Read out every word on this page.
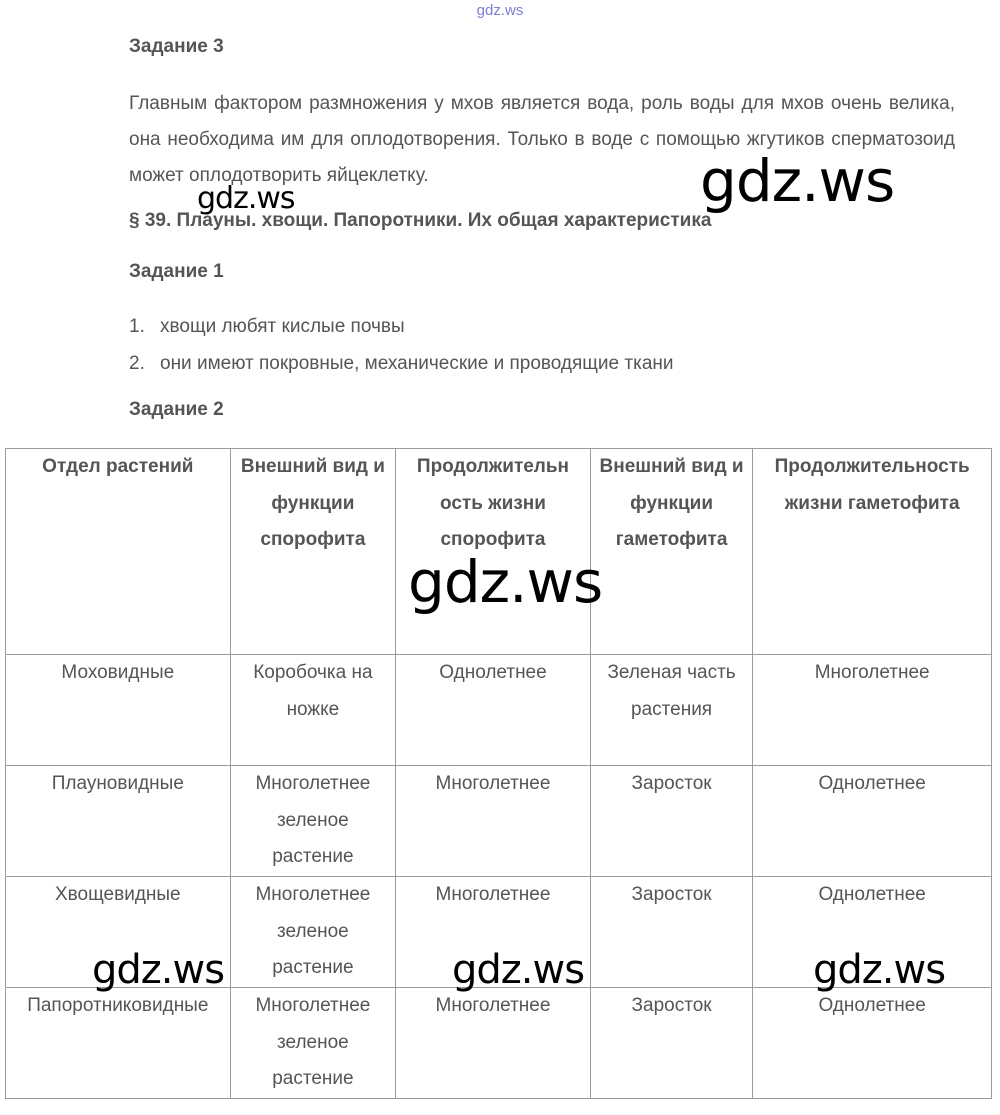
gdz.ws
Задание 3

Главным фактором размножения у мхов является вода, роль воды для мхов очень велика, она необходима им для оплодотворения. Только в воде с помощью жгутиков сперматозоид может оплодотворить яйцеклетку.

§ 39. Плауны. хвощи. Папоротники. Их общая характеристика
Задание 1
1. хвощи любят кислые почвы
2. они имеют покровные, механические и проводящие ткани
Задание 2
Отдел растений	Внешний вид и функции спорофита	Продолжительн ость жизни спорофита	Внешний вид и функции гаметофита	Продолжительность жизни гаметофита
Моховидные	Коробочка на ножке	Однолетнее	Зеленая часть растения	Многолетнее
Плауновидные	Многолетнее зеленое растение	Многолетнее	Заросток	Однолетнее
Хвощевидные	Многолетнее зеленое растение	Многолетнее	Заросток	Однолетнее
Папоротниковидные	Многолетнее зеленое растение	Многолетнее	Заросток	Однолетнее
gdz.ws
gdz.ws
gdz.ws
gdz.ws	gdz.ws	gdz.ws
